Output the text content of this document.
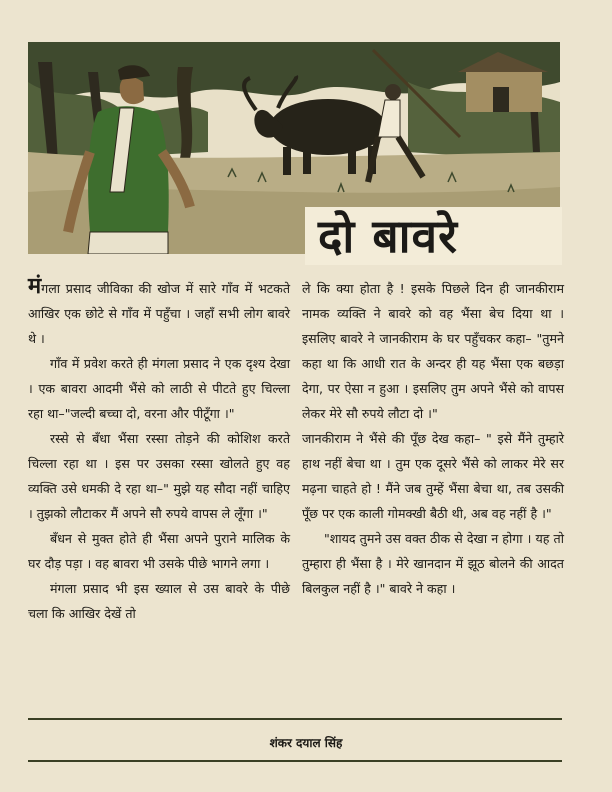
दो बावरे

मंगला प्रसाद जीविका की खोज में सारे गाँव में भटकते आखिर एक छोटे से गाँव में पहुँचा । जहाँ सभी लोग बावरे थे ।

गाँव में प्रवेश करते ही मंगला प्रसाद ने एक दृश्य देखा । एक बावरा आदमी भैंसे को लाठी से पीटते हुए चिल्ला रहा था–"जल्दी बच्चा दो, वरना और पीटूँगा ।"

रस्से से बँधा भैंसा रस्सा तोड़ने की कोशिश करते चिल्ला रहा था । इस पर उसका रस्सा खोलते हुए वह व्यक्ति उसे धमकी दे रहा था–" मुझे यह सौदा नहीं चाहिए । तुझको लौटाकर मैं अपने सौ रुपये वापस ले लूँगा ।"

बँधन से मुक्त होते ही भैंसा अपने पुराने मालिक के घर दौड़ पड़ा । वह बावरा भी उसके पीछे भागने लगा ।

मंगला प्रसाद भी इस ख्याल से उस बावरे के पीछे चला कि आखिर देखें तो

ले कि क्या होता है ! इसके पिछले दिन ही जानकीराम नामक व्यक्ति ने बावरे को वह भैंसा बेच दिया था । इसलिए बावरे ने जानकीराम के घर पहुँचकर कहा– "तुमने कहा था कि आधी रात के अन्दर ही यह भैंसा एक बछड़ा देगा, पर ऐसा न हुआ । इसलिए तुम अपने भैंसे को वापस लेकर मेरे सौ रुपये लौटा दो ।"

जानकीराम ने भैंसे की पूँछ देख कहा– " इसे मैंने तुम्हारे हाथ नहीं बेचा था । तुम एक दूसरे भैंसे को लाकर मेरे सर मढ़ना चाहते हो ! मैंने जब तुम्हें भैंसा बेचा था, तब उसकी पूँछ पर एक काली गोमक्खी बैठी थी, अब वह नहीं है ।"

"शायद तुमने उस वक्त ठीक से देखा न होगा । यह तो तुम्हारा ही भैंसा है । मेरे खानदान में झूठ बोलने की आदत बिलकुल नहीं है ।" बावरे ने कहा ।

शंकर दयाल सिंह
